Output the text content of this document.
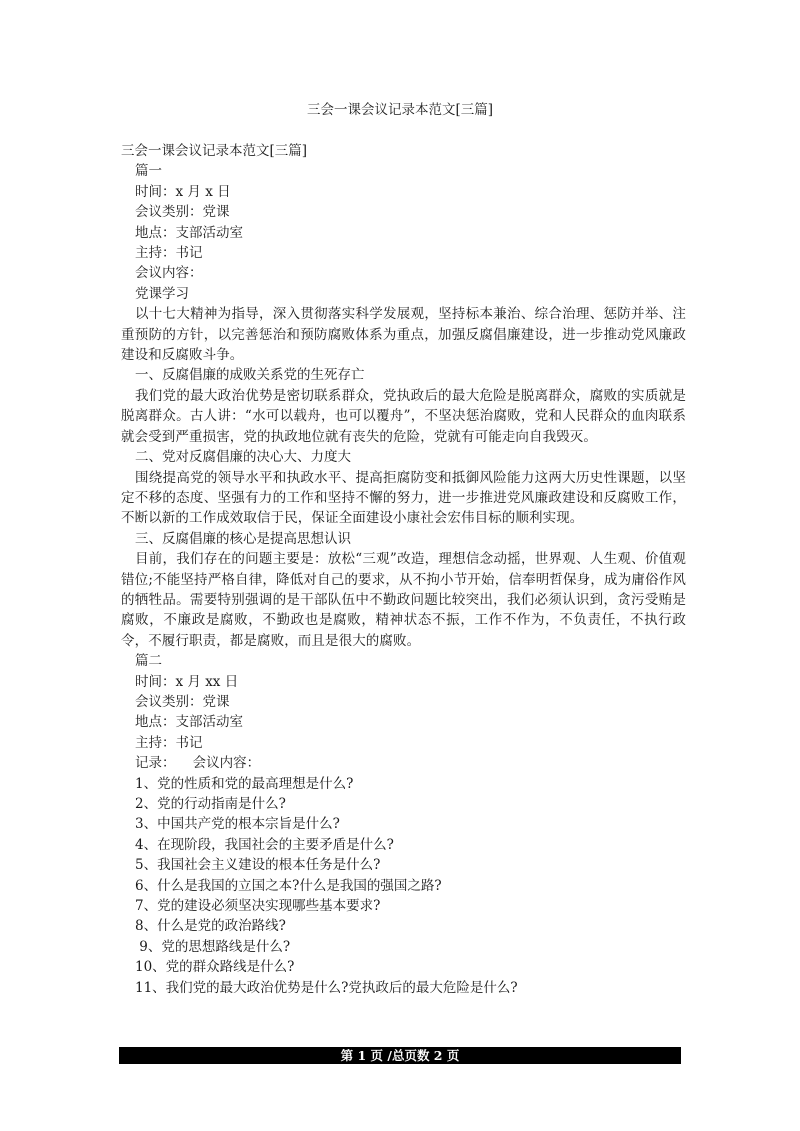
三会一课会议记录本范文[三篇]

三会一课会议记录本范文[三篇]

篇一

时间：x 月 x 日

会议类别：党课

地点：支部活动室

主持：书记

会议内容：

党课学习

以十七大精神为指导，深入贯彻落实科学发展观，坚持标本兼治、综合治理、惩防并举、注重预防的方针，以完善惩治和预防腐败体系为重点，加强反腐倡廉建设，进一步推动党风廉政建设和反腐败斗争。

一、反腐倡廉的成败关系党的生死存亡

我们党的最大政治优势是密切联系群众，党执政后的最大危险是脱离群众，腐败的实质就是脱离群众。古人讲：“水可以载舟，也可以覆舟”，不坚决惩治腐败，党和人民群众的血肉联系就会受到严重损害，党的执政地位就有丧失的危险，党就有可能走向自我毁灭。

二、党对反腐倡廉的决心大、力度大

围绕提高党的领导水平和执政水平、提高拒腐防变和抵御风险能力这两大历史性课题，以坚定不移的态度、坚强有力的工作和坚持不懈的努力，进一步推进党风廉政建设和反腐败工作，不断以新的工作成效取信于民，保证全面建设小康社会宏伟目标的顺利实现。

三、反腐倡廉的核心是提高思想认识

目前，我们存在的问题主要是：放松“三观”改造，理想信念动摇，世界观、人生观、价值观错位;不能坚持严格自律，降低对自己的要求，从不拘小节开始，信奉明哲保身，成为庸俗作风的牺牲品。需要特别强调的是干部队伍中不勤政问题比较突出，我们必须认识到，贪污受贿是腐败，不廉政是腐败，不勤政也是腐败，精神状态不振，工作不作为，不负责任，不执行政令，不履行职责，都是腐败，而且是很大的腐败。

篇二

时间：x 月 xx 日

会议类别：党课

地点：支部活动室

主持：书记

记录：    会议内容：

1、党的性质和党的最高理想是什么?

2、党的行动指南是什么?

3、中国共产党的根本宗旨是什么?

4、在现阶段，我国社会的主要矛盾是什么?

5、我国社会主义建设的根本任务是什么?

6、什么是我国的立国之本?什么是我国的强国之路?

7、党的建设必须坚决实现哪些基本要求?

8、什么是党的政治路线?

9、党的思想路线是什么?

10、党的群众路线是什么?

11、我们党的最大政治优势是什么?党执政后的最大危险是什么?

第 1 页 /总页数 2 页
